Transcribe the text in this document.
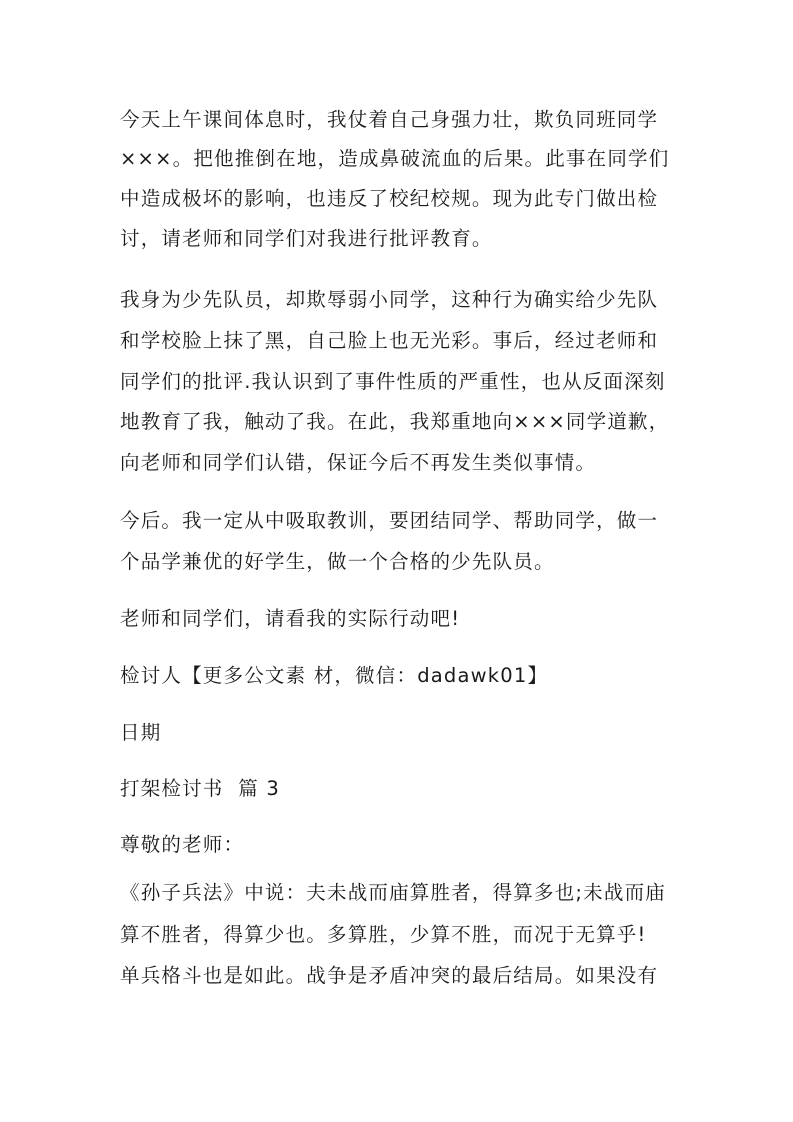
今天上午课间体息时，我仗着自己身强力壮，欺负同班同学
×××。把他推倒在地，造成鼻破流血的后果。此事在同学们
中造成极坏的影响，也违反了校纪校规。现为此专门做出检
讨，请老师和同学们对我进行批评教育。
我身为少先队员，却欺辱弱小同学，这种行为确实给少先队
和学校脸上抹了黑，自己脸上也无光彩。事后，经过老师和
同学们的批评.我认识到了事件性质的严重性，也从反面深刻
地教育了我，触动了我。在此，我郑重地向×××同学道歉，
向老师和同学们认错，保证今后不再发生类似事情。
今后。我一定从中吸取教训，要团结同学、帮助同学，做一
个品学兼优的好学生，做一个合格的少先队员。

老师和同学们，请看我的实际行动吧!

检讨人【更多公文素 材，微信：dadawk01】

日期

打架检讨书  篇 3

尊敬的老师：

《孙子兵法》中说：夫未战而庙算胜者，得算多也;未战而庙
算不胜者，得算少也。多算胜，少算不胜，而况于无算乎!
单兵格斗也是如此。战争是矛盾冲突的最后结局。如果没有
